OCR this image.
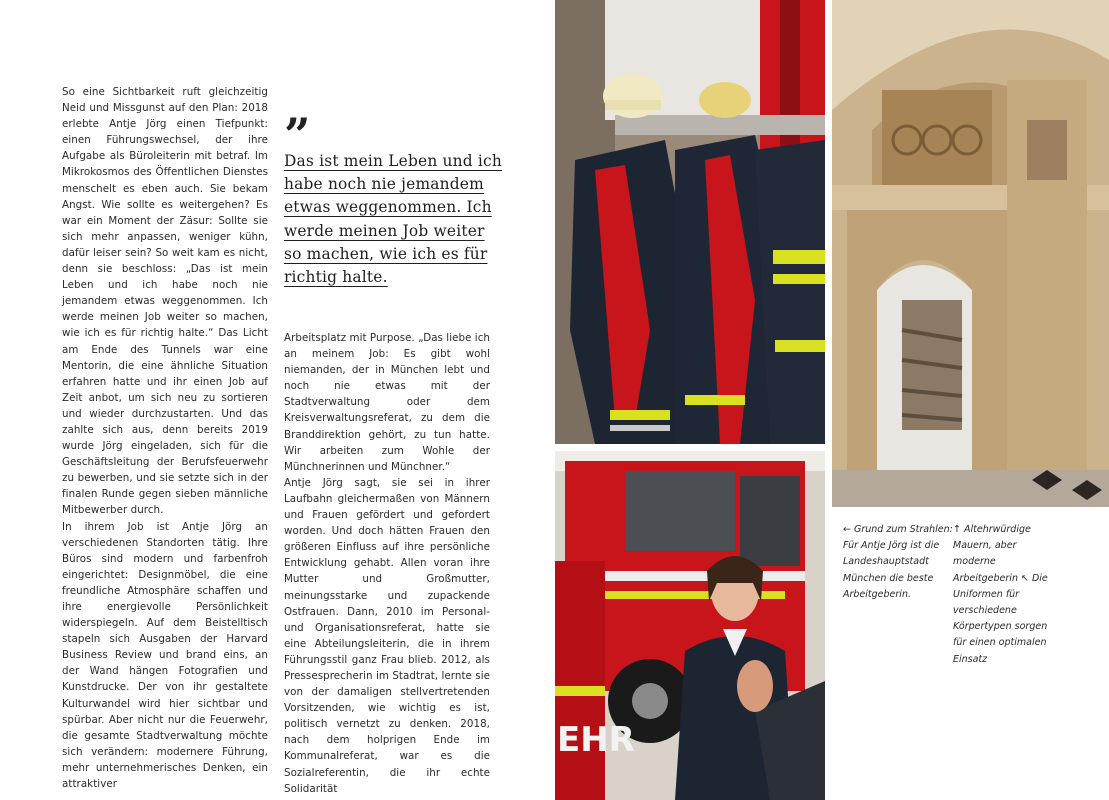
So eine Sichtbarkeit ruft gleichzeitig Neid und Missgunst auf den Plan: 2018 erlebte Antje Jörg einen Tiefpunkt: einen Führungswechsel, der ihre Aufgabe als Büroleiterin mit betraf. Im Mikrokosmos des Öffentlichen Dienstes menschelt es eben auch. Sie bekam Angst. Wie sollte es weitergehen? Es war ein Moment der Zäsur: Sollte sie sich mehr anpassen, weniger kühn, dafür leiser sein? So weit kam es nicht, denn sie beschloss: „Das ist mein Leben und ich habe noch nie jemandem etwas weggenommen. Ich werde meinen Job weiter so machen, wie ich es für richtig halte.“ Das Licht am Ende des Tunnels war eine Mentorin, die eine ähnliche Situation erfahren hatte und ihr einen Job auf Zeit anbot, um sich neu zu sortieren und wieder durchzustarten. Und das zahlte sich aus, denn bereits 2019 wurde Jörg eingeladen, sich für die Geschäftsleitung der Berufsfeuerwehr zu bewerben, und sie setzte sich in der finalen Runde gegen sieben männliche Mitbewerber durch.

In ihrem Job ist Antje Jörg an verschiedenen Standorten tätig. Ihre Büros sind modern und farbenfroh eingerichtet: Designmöbel, die eine freundliche Atmosphäre schaffen und ihre energievolle Persönlichkeit widerspiegeln. Auf dem Beistelltisch stapeln sich Ausgaben der Harvard Business Review und brand eins, an der Wand hängen Fotografien und Kunstdrucke. Der von ihr gestaltete Kulturwandel wird hier sichtbar und spürbar. Aber nicht nur die Feuerwehr, die gesamte Stadtverwaltung möchte sich verändern: modernere Führung, mehr unternehmerisches Denken, ein attraktiver

”
Das ist mein Leben und ich habe noch nie jemandem etwas weggenommen. Ich werde meinen Job weiter so machen, wie ich es für richtig halte.

Arbeitsplatz mit Purpose. „Das liebe ich an meinem Job: Es gibt wohl niemanden, der in München lebt und noch nie etwas mit der Stadtverwaltung oder dem Kreisverwaltungsreferat, zu dem die Branddirektion gehört, zu tun hatte. Wir arbeiten zum Wohle der Münchnerinnen und Münchner.“

Antje Jörg sagt, sie sei in ihrer Laufbahn gleichermaßen von Männern und Frauen gefördert und gefordert worden. Und doch hätten Frauen den größeren Einfluss auf ihre persönliche Entwicklung gehabt. Allen voran ihre Mutter und Großmutter, meinungsstarke und zupackende Ostfrauen. Dann, 2010 im Personal- und Organisationsreferat, hatte sie eine Abteilungsleiterin, die in ihrem Führungsstil ganz Frau blieb. 2012, als Pressesprecherin im Stadtrat, lernte sie von der damaligen stellvertretenden Vorsitzenden, wie wichtig es ist, politisch vernetzt zu denken. 2018, nach dem holprigen Ende im Kommunalreferat, war es die Sozialreferentin, die ihr echte Solidarität

EHR
← Grund zum Strahlen: Für Antje Jörg ist die Landeshauptstadt München die beste Arbeitgeberin.
↑ Altehrwürdige Mauern, aber moderne Arbeitgeberin ↖ Die Uniformen für verschiedene Körpertypen sorgen für einen optimalen Einsatz
